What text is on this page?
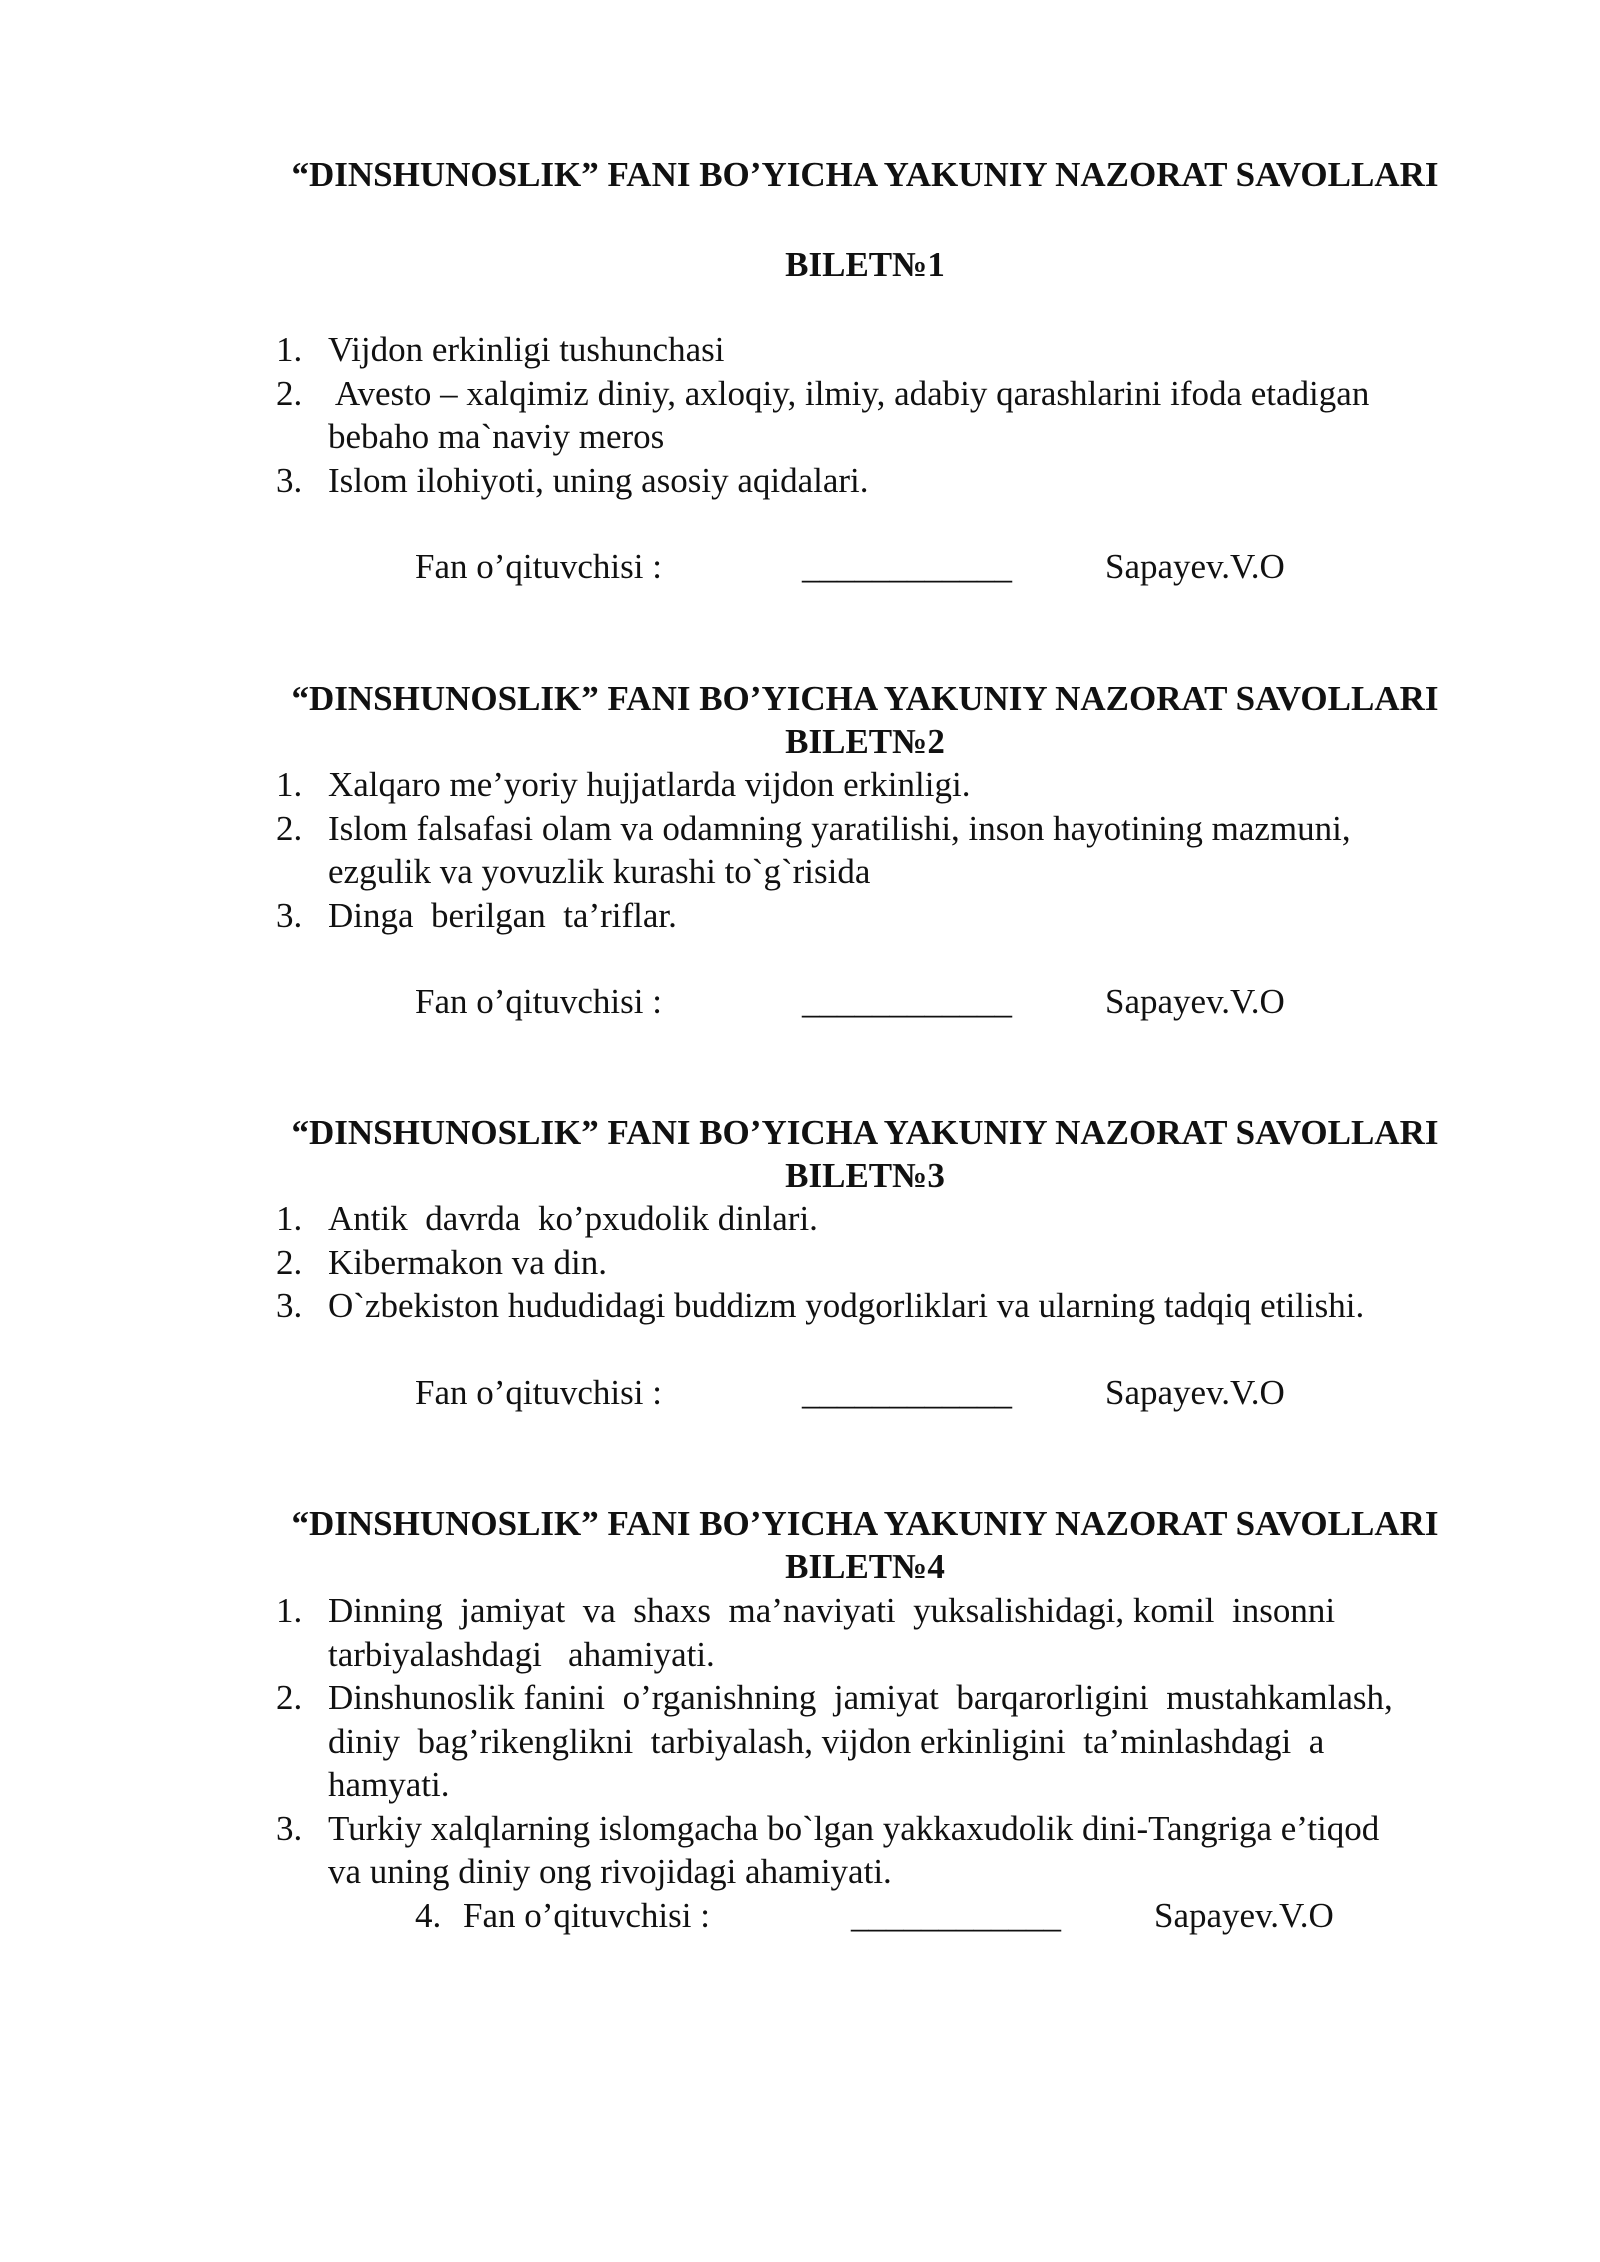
“DINSHUNOSLIK” FANI BO’YICHA YAKUNIY NAZORAT SAVOLLARI
BILET№1
1. Vijdon erkinligi tushunchasi
2. Avesto – xalqimiz diniy, axloqiy, ilmiy, adabiy qarashlarini ifoda etadigan
bebaho ma`naviy meros
3. Islom ilohiyoti, uning asosiy aqidalari.
Fan o’qituvchisi :	____________	Sapayev.V.O
“DINSHUNOSLIK” FANI BO’YICHA YAKUNIY NAZORAT SAVOLLARI
BILET№2
1. Xalqaro me’yoriy hujjatlarda vijdon erkinligi.
2. Islom falsafasi olam va odamning yaratilishi, inson hayotining mazmuni,
ezgulik va yovuzlik kurashi to`g`risida
3. Dinga  berilgan  ta’riflar.
Fan o’qituvchisi :	____________	Sapayev.V.O
“DINSHUNOSLIK” FANI BO’YICHA YAKUNIY NAZORAT SAVOLLARI
BILET№3
1. Antik  davrda  ko’pxudolik dinlari.
2. Kibermakon va din.
3. O`zbekiston hududidagi buddizm yodgorliklari va ularning tadqiq etilishi.
Fan o’qituvchisi :	____________	Sapayev.V.O
“DINSHUNOSLIK” FANI BO’YICHA YAKUNIY NAZORAT SAVOLLARI
BILET№4
1. Dinning  jamiyat  va  shaxs  ma’naviyati  yuksalishidagi, komil  insonni
tarbiyalashdagi   ahamiyati.
2. Dinshunoslik fanini  o’rganishning  jamiyat  barqarorligini  mustahkamlash,
diniy  bag’rikenglikni  tarbiyalash, vijdon erkinligini  ta’minlashdagi  a
hamyati.
3. Turkiy xalqlarning islomgacha bo`lgan yakkaxudolik dini-Tangriga e’tiqod
va uning diniy ong rivojidagi ahamiyati.
4. Fan o’qituvchisi :	____________	Sapayev.V.O
